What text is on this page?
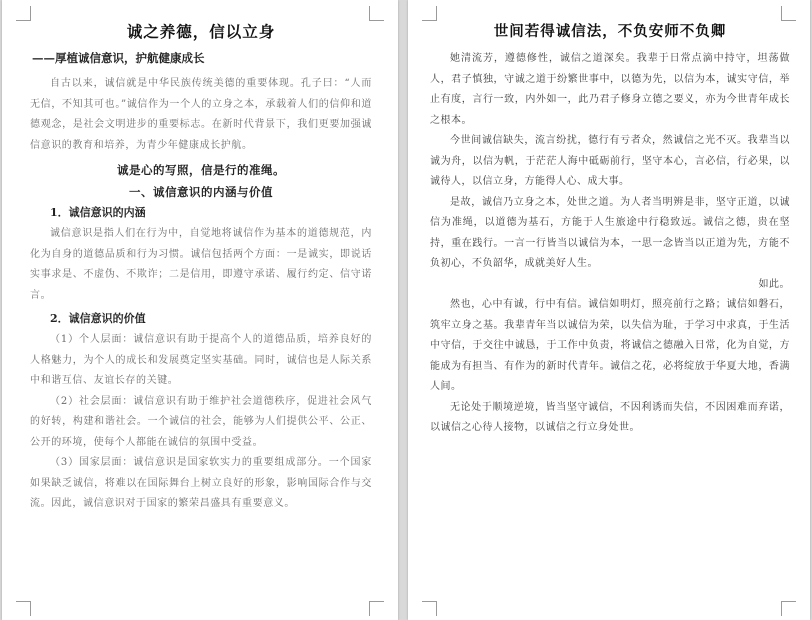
诚之养德，信以立身
——厚植诚信意识，护航健康成长

自古以来，诚信就是中华民族传统美德的重要体现。孔子曰：“人而无信，不知其可也。”诚信作为一个人的立身之本，承载着人们的信仰和道德观念，是社会文明进步的重要标志。在新时代背景下，我们更要加强诚信意识的教育和培养，为青少年健康成长护航。

诚是心的写照，信是行的准绳。
一、诚信意识的内涵与价值
1．诚信意识的内涵

诚信意识是指人们在行为中，自觉地将诚信作为基本的道德规范，内化为自身的道德品质和行为习惯。诚信包括两个方面：一是诚实，即说话实事求是、不虚伪、不欺诈；二是信用，即遵守承诺、履行约定、信守诺言。

2．诚信意识的价值

（1）个人层面：诚信意识有助于提高个人的道德品质，培养良好的人格魅力，为个人的成长和发展奠定坚实基础。同时，诚信也是人际关系中和谐互信、友谊长存的关键。

（2）社会层面：诚信意识有助于维护社会道德秩序，促进社会风气的好转，构建和谐社会。一个诚信的社会，能够为人们提供公平、公正、公开的环境，使每个人都能在诚信的氛围中受益。

（3）国家层面：诚信意识是国家软实力的重要组成部分。一个国家如果缺乏诚信，将难以在国际舞台上树立良好的形象，影响国际合作与交流。因此，诚信意识对于国家的繁荣昌盛具有重要意义。

世间若得诚信法，不负安师不负卿

她清流芳，遵德修性，诚信之道深矣。我辈于日常点滴中持守，坦荡做人，君子慎独，守诚之道于纷繁世事中，以德为先，以信为本，诚实守信，举止有度，言行一致，内外如一，此乃君子修身立德之要义，亦为今世青年成长之根本。

今世间诚信缺失，流言纷扰，德行有亏者众，然诚信之光不灭。我辈当以诚为舟，以信为帆，于茫茫人海中砥砺前行，坚守本心，言必信，行必果，以诚待人，以信立身，方能得人心、成大事。

是故，诚信乃立身之本，处世之道。为人者当明辨是非，坚守正道，以诚信为准绳，以道德为基石，方能于人生旅途中行稳致远。诚信之德，贵在坚持，重在践行。一言一行皆当以诚信为本，一思一念皆当以正道为先，方能不负初心，不负韶华，成就美好人生。
如此。

然也，心中有诚，行中有信。诚信如明灯，照亮前行之路；诚信如磐石，筑牢立身之基。我辈青年当以诚信为荣，以失信为耻，于学习中求真，于生活中守信，于交往中诚恳，于工作中负责，将诚信之德融入日常，化为自觉，方能成为有担当、有作为的新时代青年。诚信之花，必将绽放于华夏大地，香满人间。

无论处于顺境逆境，皆当坚守诚信，不因利诱而失信，不因困难而弃诺，以诚信之心待人接物，以诚信之行立身处世。
